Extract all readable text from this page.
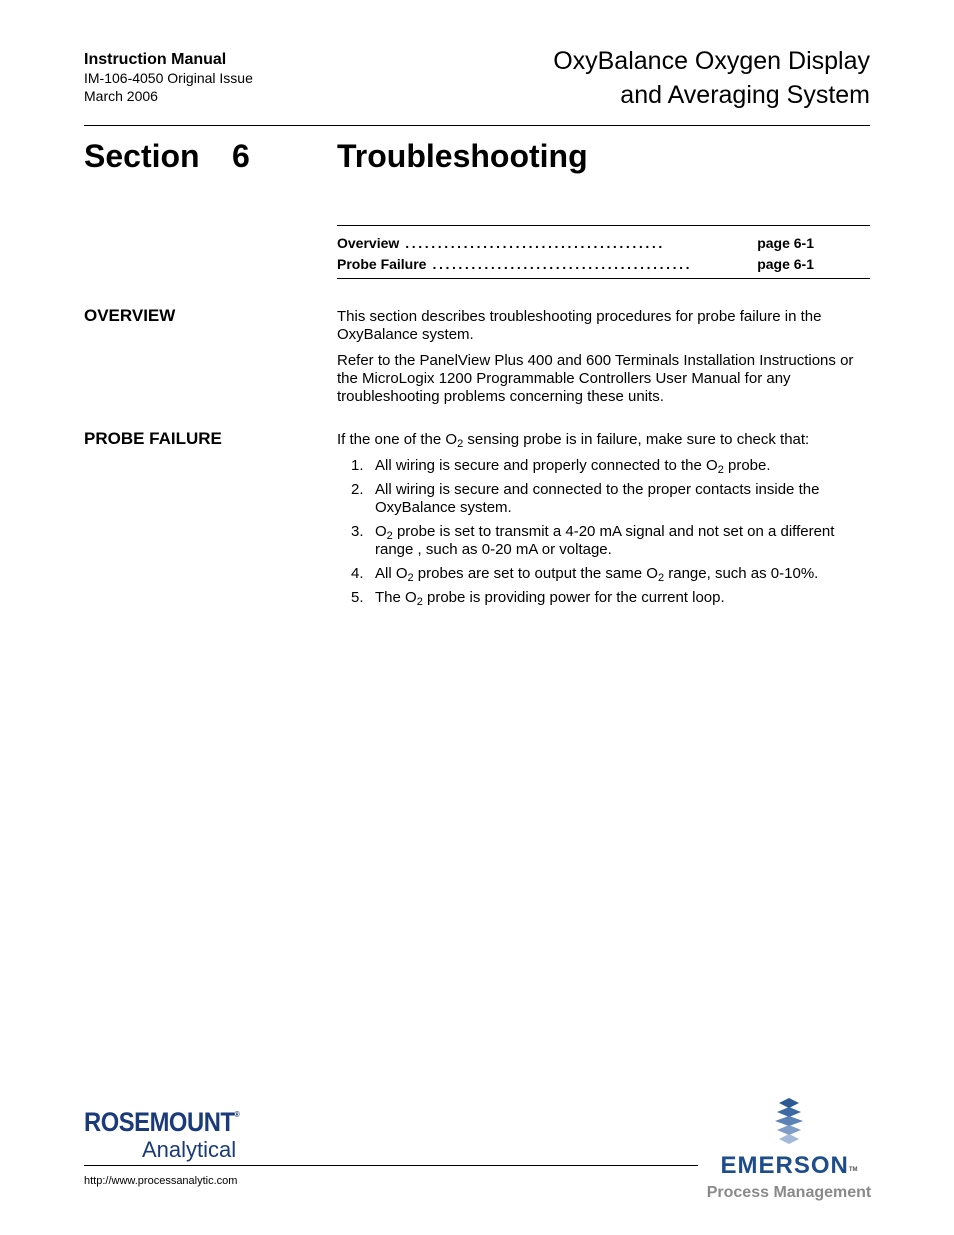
Instruction Manual
IM-106-4050 Original Issue
March 2006
OxyBalance Oxygen Display
and Averaging System
Section 6	Troubleshooting
Overview ........................................	page 6-1
Probe Failure ........................................	page 6-1
OVERVIEW	This section describes troubleshooting procedures for probe failure in the OxyBalance system.

Refer to the PanelView Plus 400 and 600 Terminals Installation Instructions or the MicroLogix 1200 Programmable Controllers User Manual for any troubleshooting problems concerning these units.

PROBE FAILURE	If the one of the $O_2$ sensing probe is in failure, make sure to check that:

1. All wiring is secure and properly connected to the $O_2$ probe.
2. All wiring is secure and connected to the proper contacts inside the OxyBalance system.
3. $O_2$ probe is set to transmit a 4-20 mA signal and not set on a different range , such as 0-20 mA or voltage.
4. All $O_2$ probes are set to output the same $O_2$ range, such as 0-10%.
5. The $O_2$ probe is providing power for the current loop.
ROSEMOUNT®
Analytical
http://www.processanalytic.com
EMERSON™
Process Management
